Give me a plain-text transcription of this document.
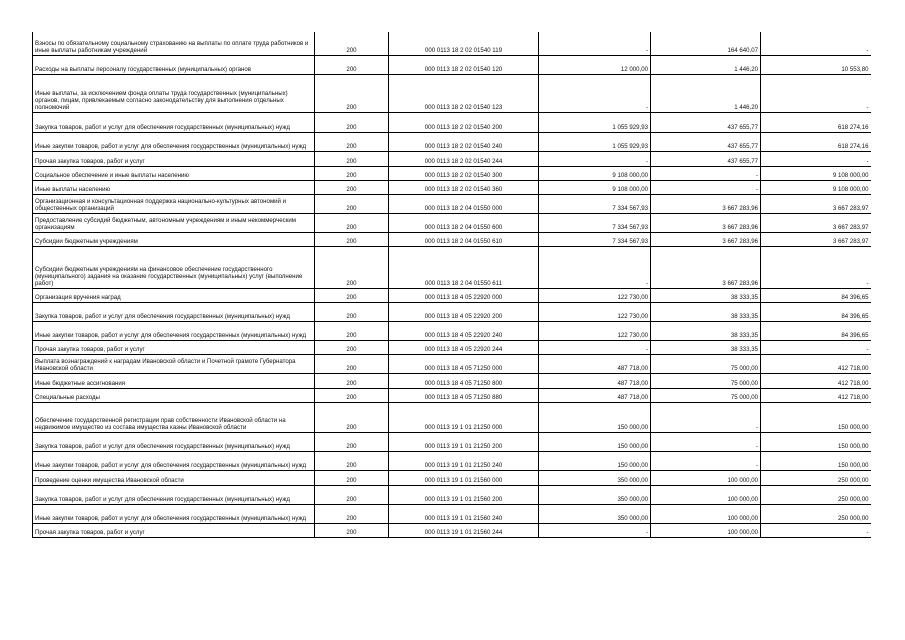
Взносы по обязательному социальному страхованию на выплаты по оплате труда работников и иные выплаты работникам учреждений	200	000 0113 18 2 02 01540 119	-	164 640,07	-
Расходы на выплаты персоналу государственных (муниципальных) органов	200	000 0113 18 2 02 01540 120	12 000,00	1 446,20	10 553,80
Иные выплаты, за исключением фонда оплаты труда государственных (муниципальных) органов, лицам, привлекаемым согласно законодательству для выполнения отдельных полномочий	200	000 0113 18 2 02 01540 123	-	1 446,20	-
Закупка товаров, работ и услуг для обеспечения государственных (муниципальных) нужд	200	000 0113 18 2 02 01540 200	1 055 929,93	437 655,77	618 274,16
Иные закупки товаров, работ и услуг для обеспечения государственных (муниципальных) нужд	200	000 0113 18 2 02 01540 240	1 055 929,93	437 655,77	618 274,16
Прочая закупка товаров, работ и услуг	200	000 0113 18 2 02 01540 244	-	437 655,77	-
Социальное обеспечение и иные выплаты населению	200	000 0113 18 2 02 01540 300	9 108 000,00	-	9 108 000,00
Иные выплаты населению	200	000 0113 18 2 02 01540 360	9 108 000,00	-	9 108 000,00
Организационная и консультационная поддержка национально-культурных автономий и общественных организаций	200	000 0113 18 2 04 01550 000	7 334 567,93	3 667 283,96	3 667 283,97
Предоставление субсидий бюджетным, автономным учреждениям и иным некоммерческим организациям	200	000 0113 18 2 04 01550 600	7 334 567,93	3 667 283,96	3 667 283,97
Субсидии бюджетным учреждениям	200	000 0113 18 2 04 01550 610	7 334 567,93	3 667 283,96	3 667 283,97
Субсидии бюджетным учреждениям на финансовое обеспечение государственного (муниципального) задания на оказание государственных (муниципальных) услуг (выполнение работ)	200	000 0113 18 2 04 01550 611	-	3 667 283,96	-
Организация вручения наград	200	000 0113 18 4 05 22920 000	122 730,00	38 333,35	84 396,65
Закупка товаров, работ и услуг для обеспечения государственных (муниципальных) нужд	200	000 0113 18 4 05 22920 200	122 730,00	38 333,35	84 396,65
Иные закупки товаров, работ и услуг для обеспечения государственных (муниципальных) нужд	200	000 0113 18 4 05 22920 240	122 730,00	38 333,35	84 396,65
Прочая закупка товаров, работ и услуг	200	000 0113 18 4 05 22920 244	-	38 333,35	-
Выплата вознаграждений к наградам Ивановской области и Почетной грамоте Губернатора Ивановской области	200	000 0113 18 4 05 71250 000	487 718,00	75 000,00	412 718,00
Иные бюджетные ассигнования	200	000 0113 18 4 05 71250 800	487 718,00	75 000,00	412 718,00
Специальные расходы	200	000 0113 18 4 05 71250 880	487 718,00	75 000,00	412 718,00
Обеспечение государственной регистрации прав собственности Ивановской области на недвижимое имущество из состава имущества казны Ивановской области	200	000 0113 19 1 01 21250 000	150 000,00	-	150 000,00
Закупка товаров, работ и услуг для обеспечения государственных (муниципальных) нужд	200	000 0113 19 1 01 21250 200	150 000,00	-	150 000,00
Иные закупки товаров, работ и услуг для обеспечения государственных (муниципальных) нужд	200	000 0113 19 1 01 21250 240	150 000,00	-	150 000,00
Проведение оценки имущества Ивановской области	200	000 0113 19 1 01 21560 000	350 000,00	100 000,00	250 000,00
Закупка товаров, работ и услуг для обеспечения государственных (муниципальных) нужд	200	000 0113 19 1 01 21560 200	350 000,00	100 000,00	250 000,00
Иные закупки товаров, работ и услуг для обеспечения государственных (муниципальных) нужд	200	000 0113 19 1 01 21560 240	350 000,00	100 000,00	250 000,00
Прочая закупка товаров, работ и услуг	200	000 0113 19 1 01 21560 244	-	100 000,00	-
